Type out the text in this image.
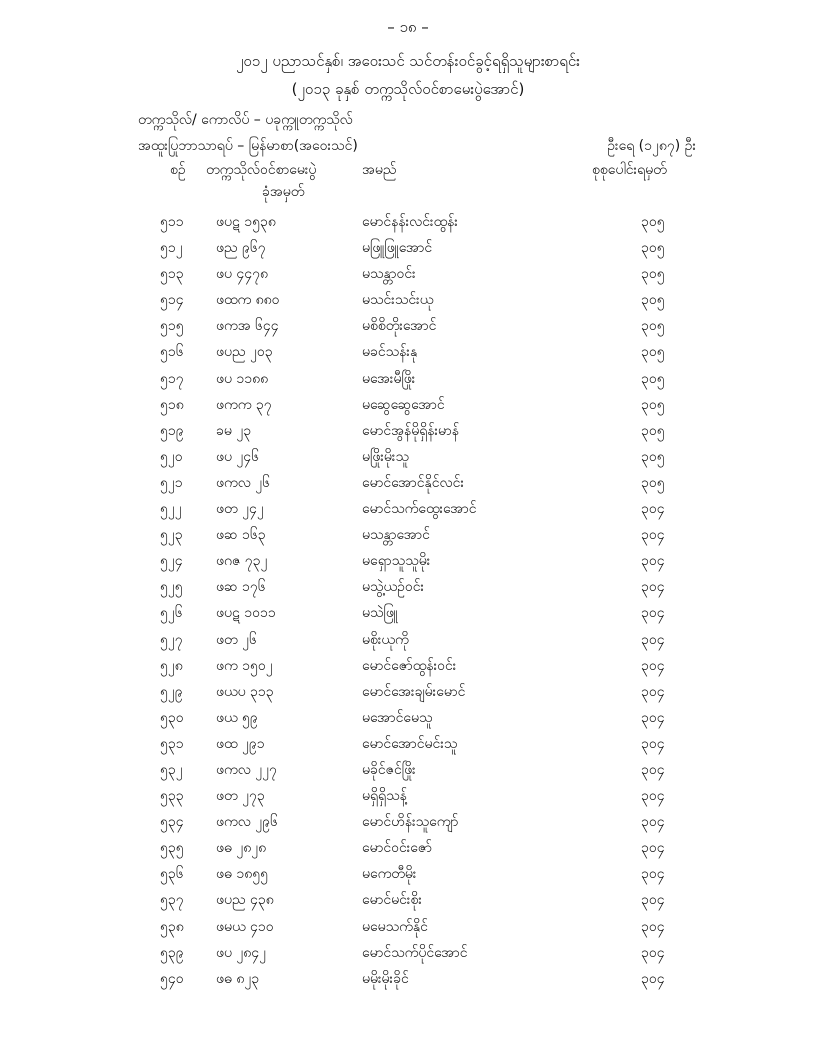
– ၁၈ –
၂၀၁၂ ပညာသင်နှစ်၊ အဝေးသင် သင်တန်းဝင်ခွင့်ရရှိသူများစာရင်း
(၂၀၁၃ ခုနှစ် တက္ကသိုလ်ဝင်စာမေးပွဲအောင်)
တက္ကသိုလ်/ ကောလိပ် – ပခုက္ကူတက္ကသိုလ်
အထူးပြုဘာသာရပ် – မြန်မာစာ(အဝေးသင်)	ဦးရေ (၁၂၈၇) ဦး
စဉ် တက္ကသိုလ်ဝင်စာမေးပွဲ
ခုံအမှတ်
အမည်	စုစုပေါင်းရမှတ်
၅၁၁ ဖပဋ ၁၅၃၈	မောင်နန်းလင်းထွန်း	၃၀၅
၅၁၂ ဖည ၉၆၇	မဖြူဖြူအောင်	၃၀၅
၅၁၃ ဖပ ၄၄၇၈	မသန္တာဝင်း	၃၀၅
၅၁၄ ဖထက ၈၈၀	မသင်းသင်းယု	၃၀၅
၅၁၅ ဖကအ ၆၄၄	မစိစိတိုးအောင်	၃၀၅
၅၁၆ ဖပည ၂၀၃	မခင်သန်းနု	၃၀၅
၅၁၇ ဖပ ၁၁၈၈	မအေးမီဖြိုး	၃၀၅
၅၁၈ ဖကက ၃၇	မဆွေဆွေအောင်	၃၀၅
၅၁၉ ခမ ၂၃	မောင်အွန်မိုရှိန်းမာန်	၃၀၅
၅၂၀ ဖပ ၂၄၆	မဖြိုးမိုးသူ	၃၀၅
၅၂၁ ဖကလ ၂၆	မောင်အောင်နိုင်လင်း	၃၀၅
၅၂၂ ဖတ ၂၄၂	မောင်သက်ထွေးအောင်	၃၀၄
၅၂၃ ဖဆ ၁၆၃	မသန္တာအောင်	၃၀၄
၅၂၄ ဖဂဇ ၇၃၂	မရှောသူသူမိုး	၃၀၄
၅၂၅ ဖဆ ၁၇၆	မသွဲ့ယဉ်ဝင်း	၃၀၄
၅၂၆ ဖပဋ ၁၀၁၁	မသဲဖြူ	၃၀၄
၅၂၇ ဖတ ၂၆	မစိုးယုကို	၃၀၄
၅၂၈ ဖက ၁၅၀၂	မောင်ဇော်ထွန်းဝင်း	၃၀၄
၅၂၉ ဖယပ ၃၁၃	မောင်အေးချမ်းမောင်	၃၀၄
၅၃၀ ဖယ ၅၉	မအောင်မေသူ	၃၀၄
၅၃၁ ဖထ ၂၉၁	မောင်အောင်မင်းသူ	၃၀၄
၅၃၂ ဖကလ ၂၂၇	မခိုင်ဇင်ဖြိုး	၃၀၄
၅၃၃ ဖတ ၂၇၃	မရှိရှိသန့်	၃၀၄
၅၃၄ ဖကလ ၂၉၆	မောင်ဟိန်းသူကျော်	၃၀၄
၅၃၅ ဖဓ ၂၈၂၈	မောင်ဝင်းဇော်	၃၀၄
၅၃၆ ဖဓ ၁၈၅၅	မကေတီမိုး	၃၀၄
၅၃၇ ဖပည ၄၃၈	မောင်မင်းစိုး	၃၀၄
၅၃၈ ဖမယ ၄၁၀	မမေသက်နိုင်	၃၀၄
၅၃၉ ဖပ ၂၈၄၂	မောင်သက်ပိုင်အောင်	၃၀၄
၅၄၀ ဖဓ ၈၂၃	မမိုးမိုးခိုင်	၃၀၄
